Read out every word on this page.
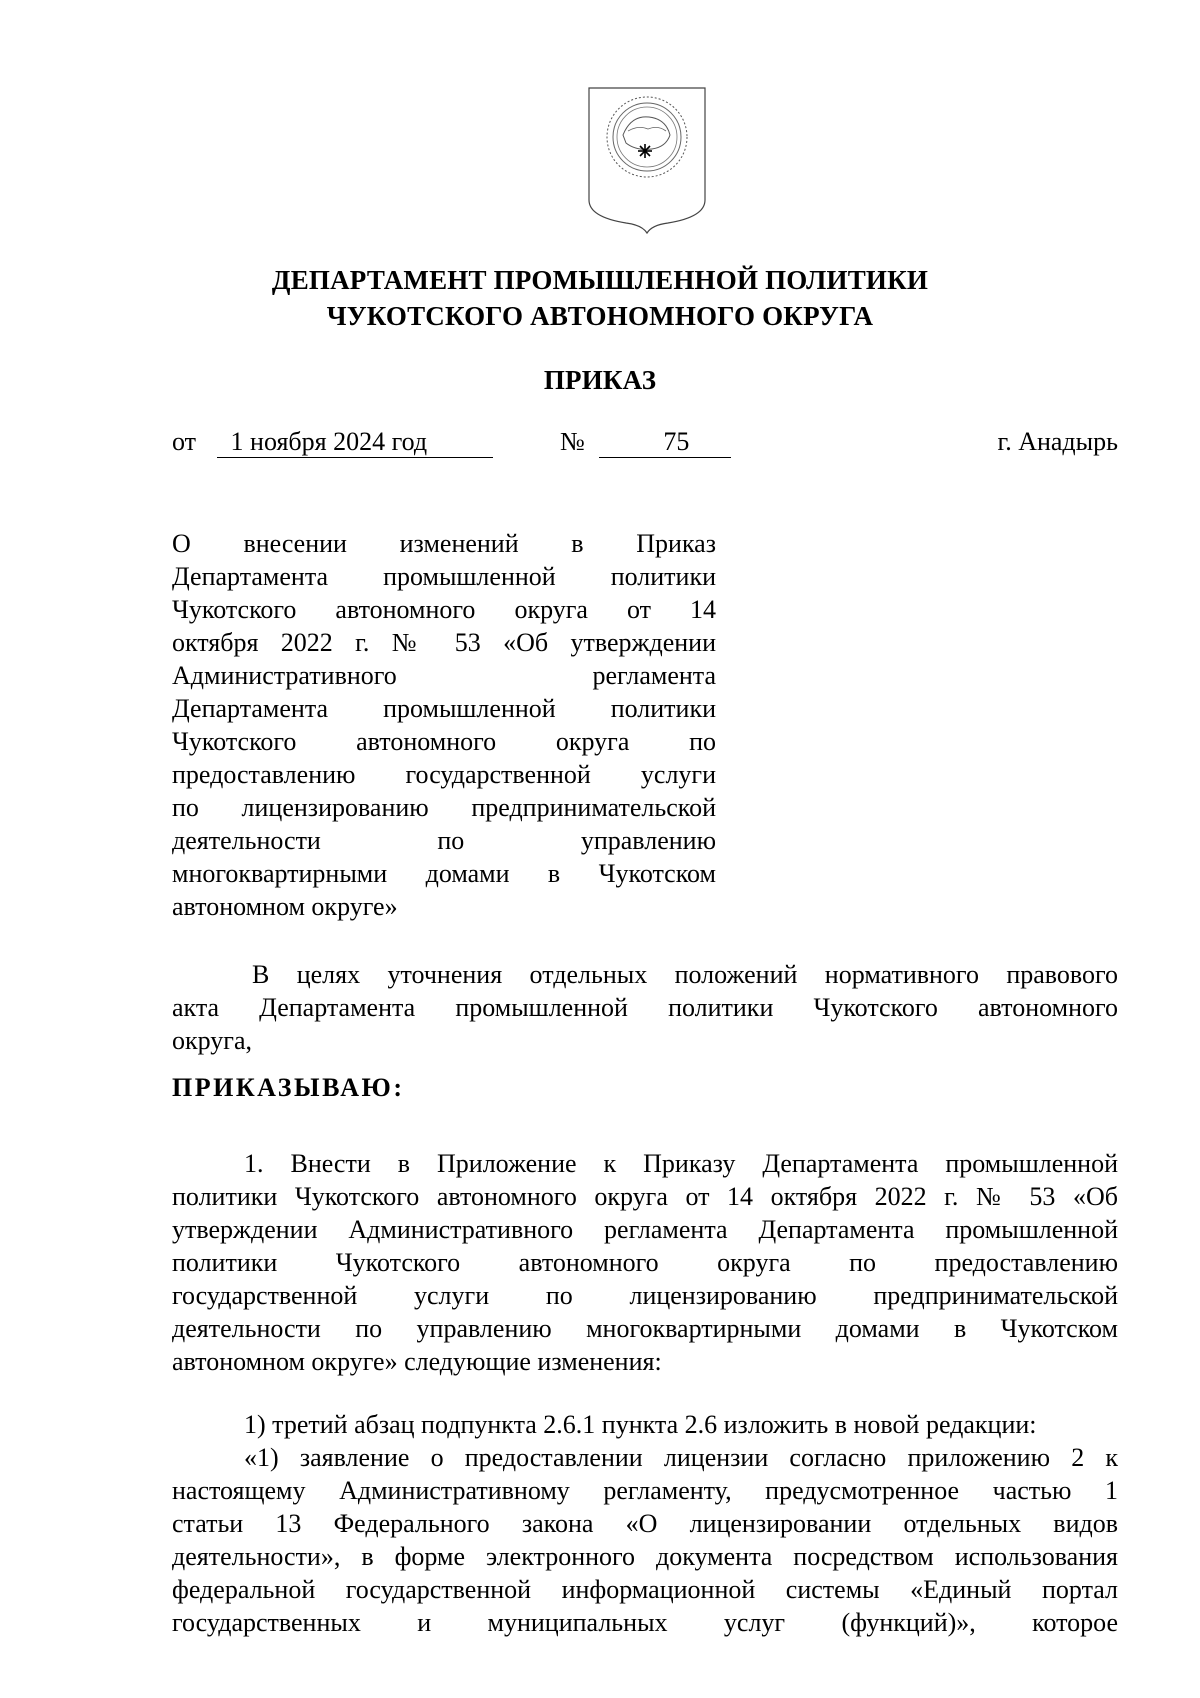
ДЕПАРТАМЕНТ ПРОМЫШЛЕННОЙ ПОЛИТИКИ
ЧУКОТСКОГО АВТОНОМНОГО ОКРУГА
ПРИКАЗ
от 1 ноября 2024 год	№	75	г. Анадырь
О внесении изменений в Приказ
Департамента промышленной политики
Чукотского автономного округа от 14
октября 2022 г. № 53 «Об утверждении
Административного регламента
Департамента промышленной политики
Чукотского автономного округа по
предоставлению государственной услуги
по лицензированию предпринимательской
деятельности по управлению
многоквартирными домами в Чукотском
автономном округе»
В целях уточнения отдельных положений нормативного правового
акта Департамента промышленной политики Чукотского автономного
округа,
ПРИКАЗЫВАЮ:
1. Внести в Приложение к Приказу Департамента промышленной
политики Чукотского автономного округа от 14 октября 2022 г. № 53 «Об
утверждении Административного регламента Департамента промышленной
политики Чукотского автономного округа по предоставлению
государственной услуги по лицензированию предпринимательской
деятельности по управлению многоквартирными домами в Чукотском
автономном округе» следующие изменения:
1) третий абзац подпункта 2.6.1 пункта 2.6 изложить в новой редакции:
«1) заявление о предоставлении лицензии согласно приложению 2 к
настоящему Административному регламенту, предусмотренное частью 1
статьи 13 Федерального закона «О лицензировании отдельных видов
деятельности», в форме электронного документа посредством использования
федеральной государственной информационной системы «Единый портал
государственных и муниципальных услуг (функций)», которое
